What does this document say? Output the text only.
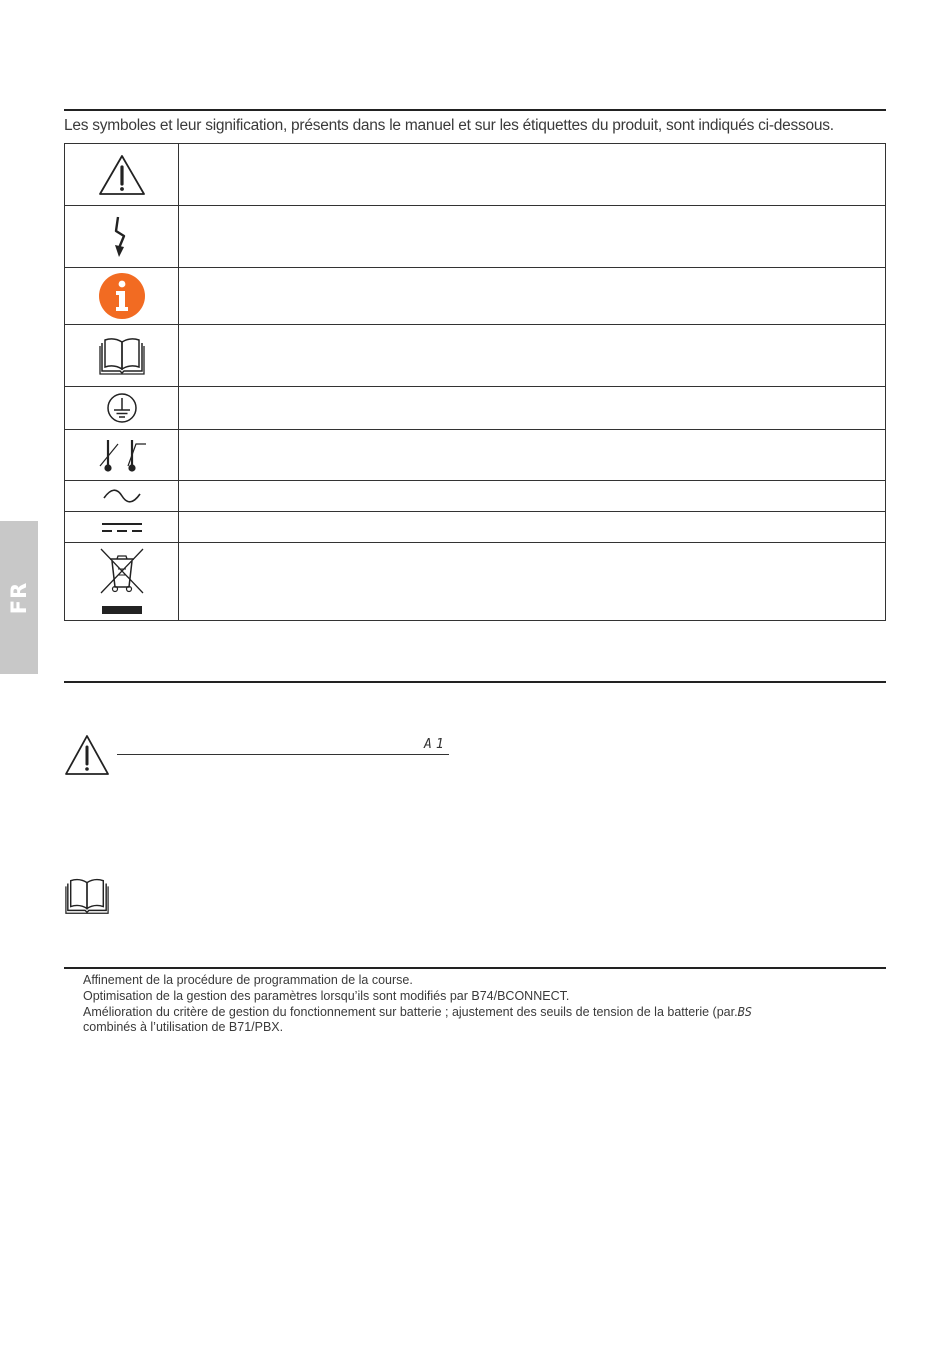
Les symboles et leur signification, présents dans le manuel et sur les étiquettes du produit, sont indiqués ci-dessous.

FR
A1
Affinement de la procédure de programmation de la course.
Optimisation de la gestion des paramètres lorsqu’ils sont modifiés par B74/BCONNECT.
Amélioration du critère de gestion du fonctionnement sur batterie ; ajustement des seuils de tension de la batterie (par.BS
combinés à l’utilisation de B71/PBX.
